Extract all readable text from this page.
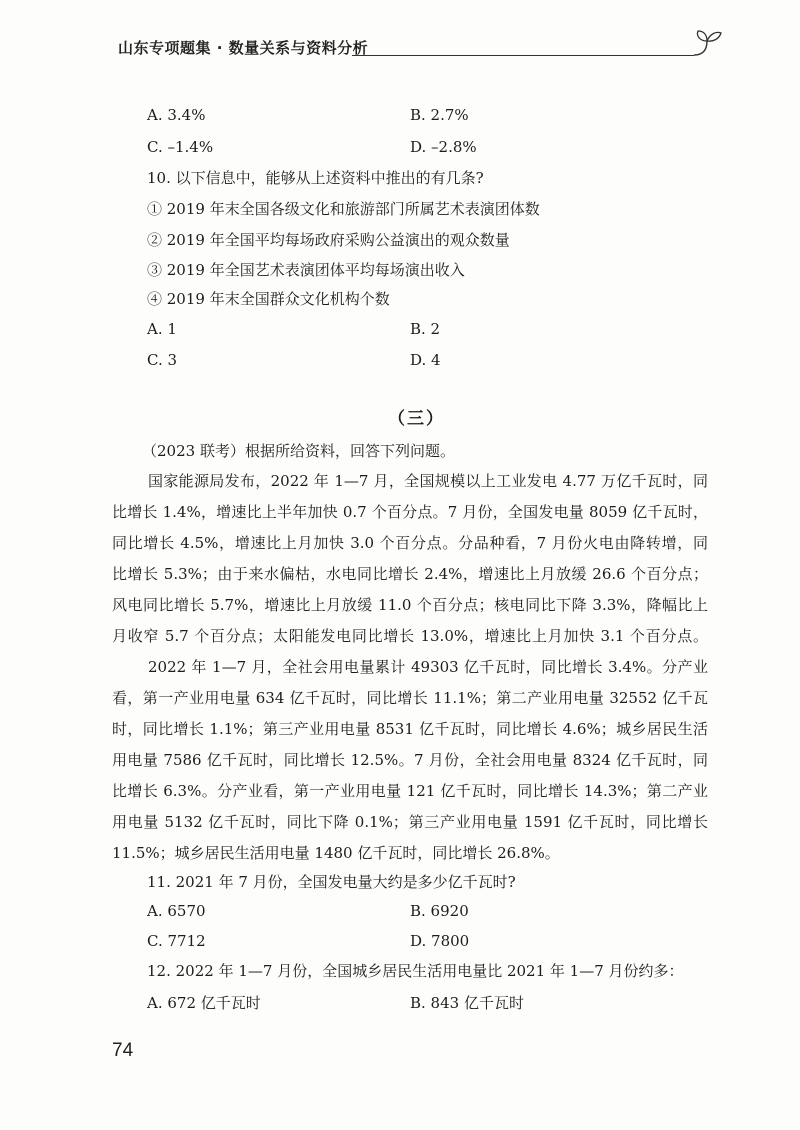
山东专项题集 · 数量关系与资料分析
A. 3.4%	B. 2.7%
C. –1.4%	D. –2.8%
10. 以下信息中，能够从上述资料中推出的有几条?
① 2019 年末全国各级文化和旅游部门所属艺术表演团体数
② 2019 年全国平均每场政府采购公益演出的观众数量
③ 2019 年全国艺术表演团体平均每场演出收入
④ 2019 年末全国群众文化机构个数
A. 1	B. 2
C. 3	D. 4
（三）
（2023 联考）根据所给资料，回答下列问题。
国家能源局发布，2022 年 1—7 月，全国规模以上工业发电 4.77 万亿千瓦时，同
比增长 1.4%，增速比上半年加快 0.7 个百分点。7 月份，全国发电量 8059 亿千瓦时，
同比增长 4.5%，增速比上月加快 3.0 个百分点。分品种看，7 月份火电由降转增，同
比增长 5.3%；由于来水偏枯，水电同比增长 2.4%，增速比上月放缓 26.6 个百分点；
风电同比增长 5.7%，增速比上月放缓 11.0 个百分点；核电同比下降 3.3%，降幅比上
月收窄 5.7 个百分点；太阳能发电同比增长 13.0%，增速比上月加快 3.1 个百分点。
2022 年 1—7 月，全社会用电量累计 49303 亿千瓦时，同比增长 3.4%。分产业
看，第一产业用电量 634 亿千瓦时，同比增长 11.1%；第二产业用电量 32552 亿千瓦
时，同比增长 1.1%；第三产业用电量 8531 亿千瓦时，同比增长 4.6%；城乡居民生活
用电量 7586 亿千瓦时，同比增长 12.5%。7 月份，全社会用电量 8324 亿千瓦时，同
比增长 6.3%。分产业看，第一产业用电量 121 亿千瓦时，同比增长 14.3%；第二产业
用电量 5132 亿千瓦时，同比下降 0.1%；第三产业用电量 1591 亿千瓦时，同比增长
11.5%；城乡居民生活用电量 1480 亿千瓦时，同比增长 26.8%。
11. 2021 年 7 月份，全国发电量大约是多少亿千瓦时?
A. 6570	B. 6920
C. 7712	D. 7800
12. 2022 年 1—7 月份，全国城乡居民生活用电量比 2021 年 1—7 月份约多：
A. 672 亿千瓦时	B. 843 亿千瓦时
74
